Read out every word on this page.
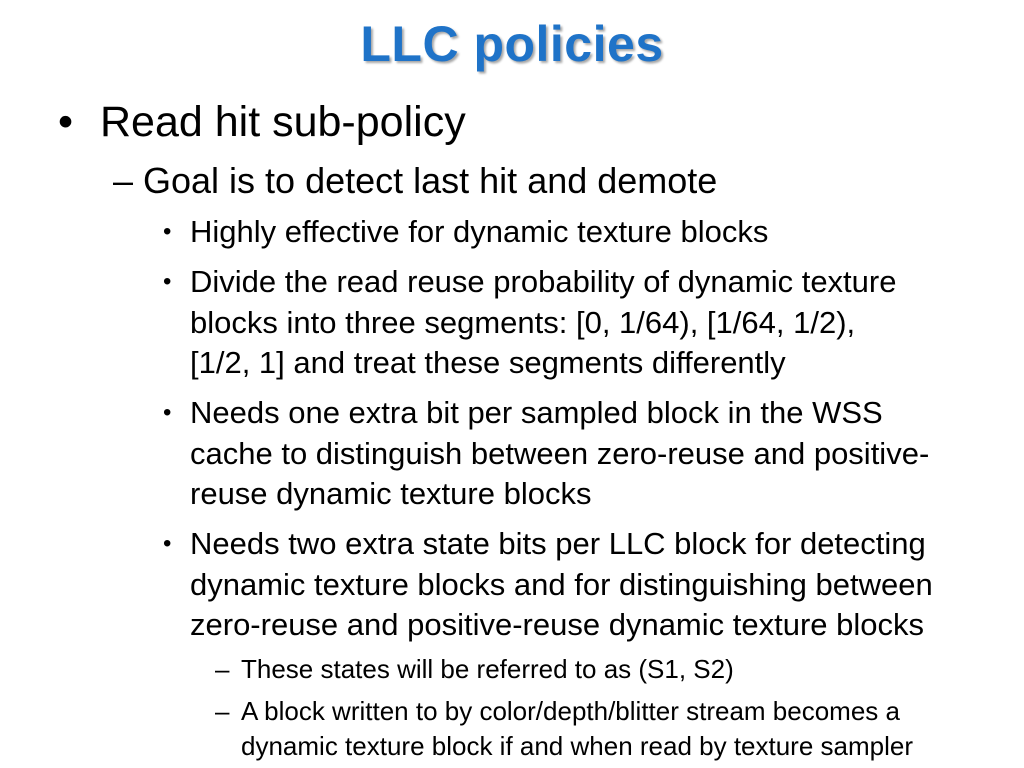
LLC policies
• Read hit sub-policy
– Goal is to detect last hit and demote
• Highly effective for dynamic texture blocks
• Divide the read reuse probability of dynamic texture
blocks into three segments: [0, 1/64), [1/64, 1/2),
[1/2, 1] and treat these segments differently
• Needs one extra bit per sampled block in the WSS
cache to distinguish between zero-reuse and positive-
reuse dynamic texture blocks
• Needs two extra state bits per LLC block for detecting
dynamic texture blocks and for distinguishing between
zero-reuse and positive-reuse dynamic texture blocks
– These states will be referred to as (S1, S2)
– A block written to by color/depth/blitter stream becomes a
dynamic texture block if and when read by texture sampler
